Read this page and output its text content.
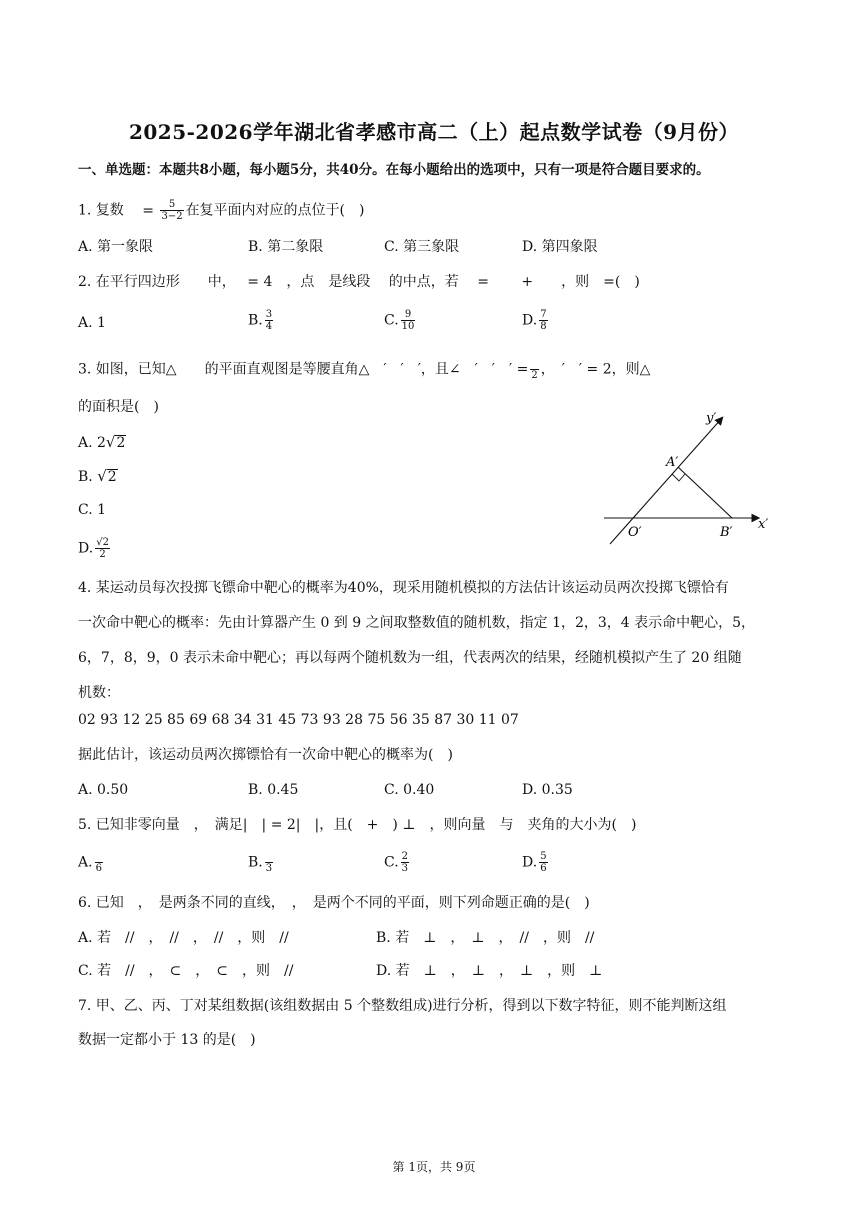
2025-2026学年湖北省孝感市高二（上）起点数学试卷（9月份）
一、单选题：本题共8小题，每小题5分，共40分。在每小题给出的选项中，只有一项是符合题目要求的。
1. 复数 = $\frac{5}{3-2}$ 在复平面内对应的点位于(　)
A. 第一象限	B. 第二象限	C. 第三象限	D. 第四象限
2. 在平行四边形　　中，　 = 4　，点　是线段　 的中点，若　 =　　 +　　，则　=(　)
A. 1	B. $\frac{3}{4}$	C. $\frac{9}{10}$	D. $\frac{7}{8}$
3. 如图，已知△　　的平面直观图是等腰直角△　′　′　′，且∠　′　′　′ =
2 ，　′　′ = 2，则△
的面积是(　)
A. 2√2
B. √2
C. 1
D. $\frac{√2}{2}$
y′
x′
A′
O′	B′
4. 某运动员每次投掷飞镖命中靶心的概率为40%，现采用随机模拟的方法估计该运动员两次投掷飞镖恰有
一次命中靶心的概率：先由计算器产生 0 到 9 之间取整数值的随机数，指定 1，2，3，4 表示命中靶心，5，
6，7，8，9，0 表示未命中靶心；再以每两个随机数为一组，代表两次的结果，经随机模拟产生了 20 组随
机数：
02 93 12 25 85 69 68 34 31 45 73 93 28 75 56 35 87 30 11 07
据此估计，该运动员两次掷镖恰有一次命中靶心的概率为(　)
A. 0.50	B. 0.45	C. 0.40	D. 0.35
5. 已知非零向量　，　满足|　| = 2|　|，且(　+　) ⊥　，则向量　与　夹角的大小为(　)
A.
6	B.
3	C. $\frac{2}{3}$	D. $\frac{5}{6}$
6. 已知　，　是两条不同的直线，　，　是两个不同的平面，则下列命题正确的是(　)
A. 若　//　，　//　，　//　，则　//	B. 若　⊥　，　⊥　，　//　，则　//
C. 若　//　，　⊂　，　⊂　，则　//	D. 若　⊥　，　⊥　，　⊥　，则　⊥
7. 甲、乙、丙、丁对某组数据(该组数据由 5 个整数组成)进行分析，得到以下数字特征，则不能判断这组
数据一定都小于 13 的是(　)
第 1页，共 9页
